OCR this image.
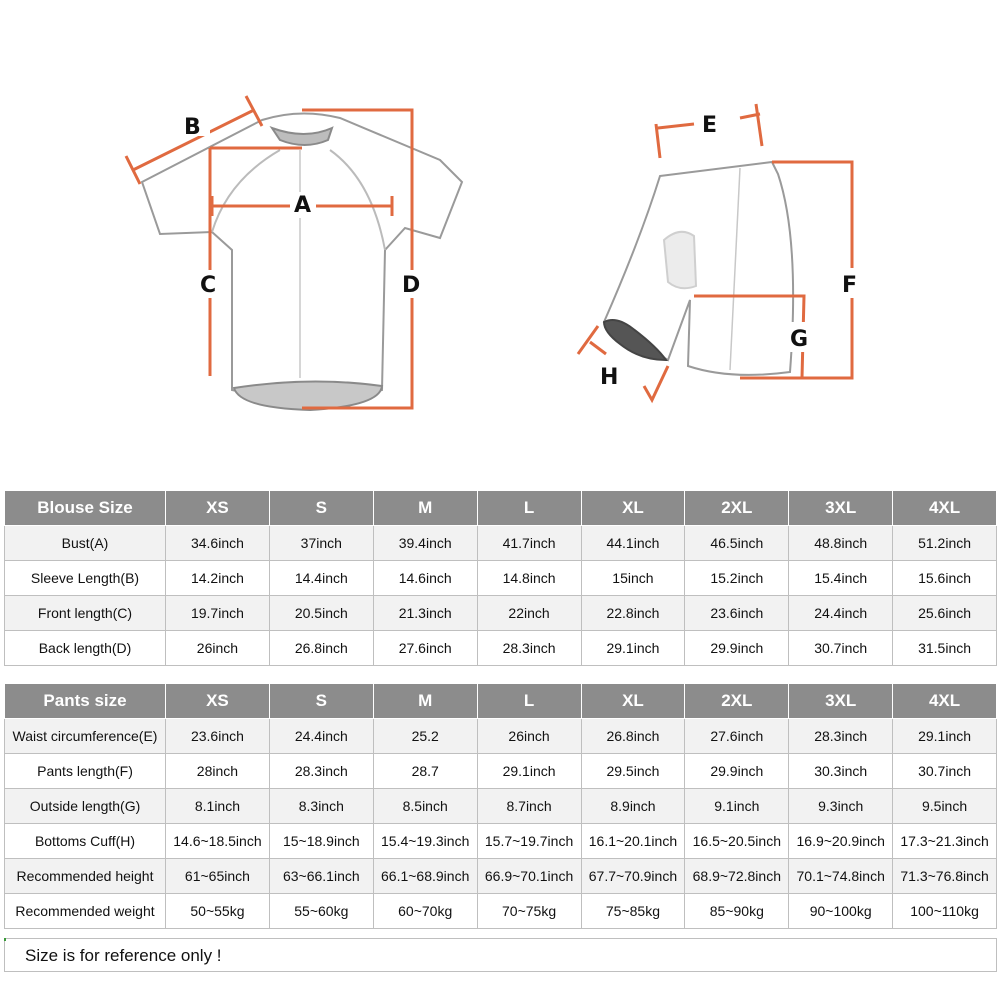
B
A
C	D
E
F
G
H
Blouse Size	XS	S	M	L	XL	2XL	3XL	4XL
Bust(A)	34.6inch	37inch	39.4inch	41.7inch	44.1inch	46.5inch	48.8inch	51.2inch
Sleeve Length(B)	14.2inch	14.4inch	14.6inch	14.8inch	15inch	15.2inch	15.4inch	15.6inch
Front length(C)	19.7inch	20.5inch	21.3inch	22inch	22.8inch	23.6inch	24.4inch	25.6inch
Back length(D)	26inch	26.8inch	27.6inch	28.3inch	29.1inch	29.9inch	30.7inch	31.5inch
Pants size	XS	S	M	L	XL	2XL	3XL	4XL
Waist circumference(E)	23.6inch	24.4inch	25.2	26inch	26.8inch	27.6inch	28.3inch	29.1inch
Pants length(F)	28inch	28.3inch	28.7	29.1inch	29.5inch	29.9inch	30.3inch	30.7inch
Outside length(G)	8.1inch	8.3inch	8.5inch	8.7inch	8.9inch	9.1inch	9.3inch	9.5inch
Bottoms Cuff(H)	14.6~18.5inch	15~18.9inch	15.4~19.3inch	15.7~19.7inch	16.1~20.1inch	16.5~20.5inch	16.9~20.9inch	17.3~21.3inch
Recommended height	61~65inch	63~66.1inch	66.1~68.9inch	66.9~70.1inch	67.7~70.9inch	68.9~72.8inch	70.1~74.8inch	71.3~76.8inch
Recommended weight	50~55kg	55~60kg	60~70kg	70~75kg	75~85kg	85~90kg	90~100kg	100~110kg
Size is for reference only !
